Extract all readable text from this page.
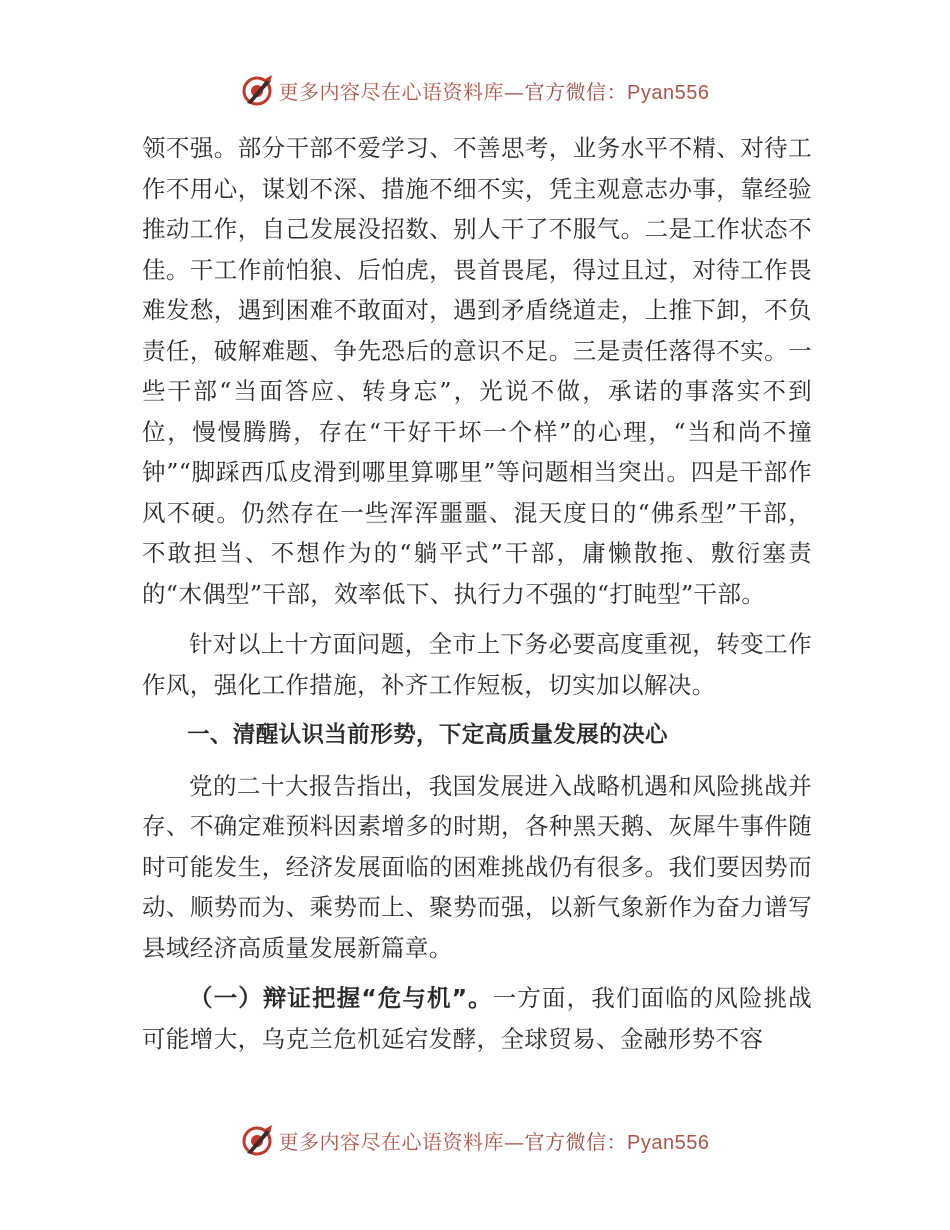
更多内容尽在心语资料库—官方微信：Pyan556

领不强。部分干部不爱学习、不善思考，业务水平不精、对待工作不用心，谋划不深、措施不细不实，凭主观意志办事，靠经验推动工作，自己发展没招数、别人干了不服气。二是工作状态不佳。干工作前怕狼、后怕虎，畏首畏尾，得过且过，对待工作畏难发愁，遇到困难不敢面对，遇到矛盾绕道走，上推下卸，不负责任，破解难题、争先恐后的意识不足。三是责任落得不实。一些干部“当面答应、转身忘”，光说不做，承诺的事落实不到位，慢慢腾腾，存在“干好干坏一个样”的心理，“当和尚不撞钟”“脚踩西瓜皮滑到哪里算哪里”等问题相当突出。四是干部作风不硬。仍然存在一些浑浑噩噩、混天度日的“佛系型”干部，不敢担当、不想作为的“躺平式”干部，庸懒散拖、敷衍塞责的“木偶型”干部，效率低下、执行力不强的“打盹型”干部。

针对以上十方面问题，全市上下务必要高度重视，转变工作作风，强化工作措施，补齐工作短板，切实加以解决。

一、清醒认识当前形势，下定高质量发展的决心

党的二十大报告指出，我国发展进入战略机遇和风险挑战并存、不确定难预料因素增多的时期，各种黑天鹅、灰犀牛事件随时可能发生，经济发展面临的困难挑战仍有很多。我们要因势而动、顺势而为、乘势而上、聚势而强，以新气象新作为奋力谱写县域经济高质量发展新篇章。

（一）辩证把握“危与机”。一方面，我们面临的风险挑战可能增大，乌克兰危机延宕发酵，全球贸易、金融形势不容

更多内容尽在心语资料库—官方微信：Pyan556
